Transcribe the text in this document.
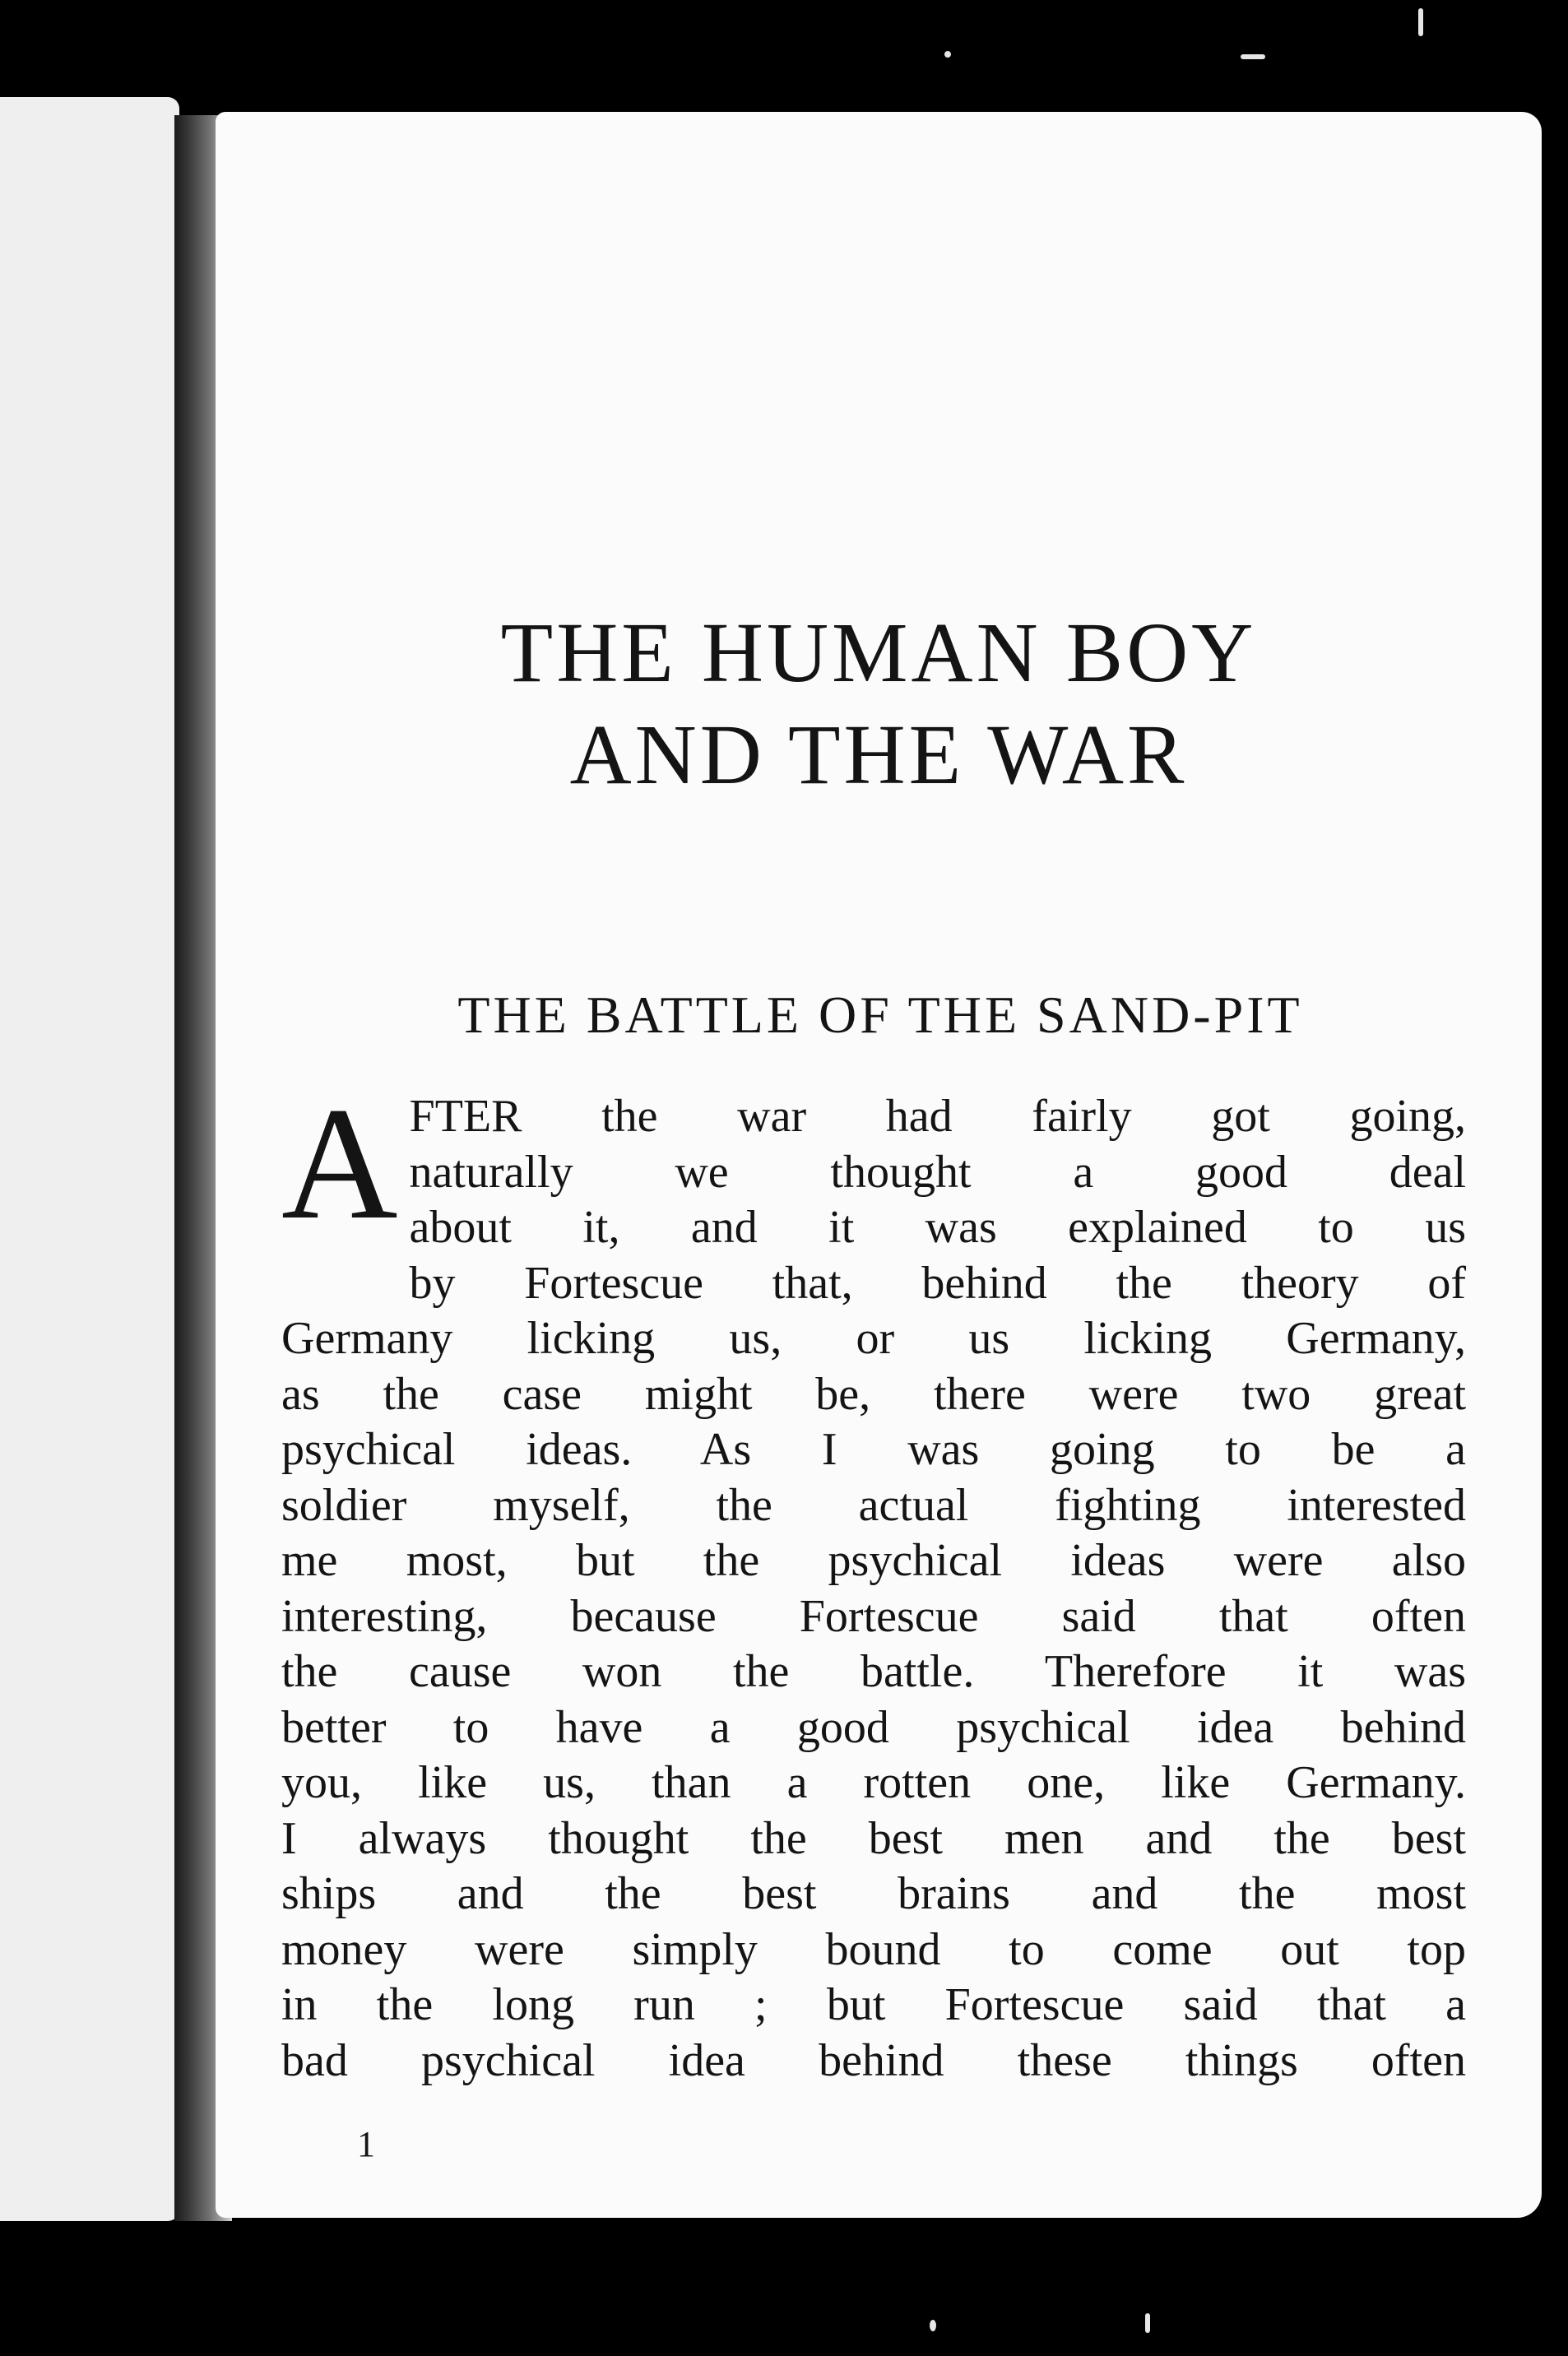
THE HUMAN BOY
AND THE WAR
THE BATTLE OF THE SAND-PIT
A FTER the war had fairly got going,
naturally we thought a good deal
about it, and it was explained to us
by Fortescue that, behind the theory of
Germany licking us, or us licking Germany,
as the case might be, there were two great
psychical ideas. As I was going to be a
soldier myself, the actual fighting interested
me most, but the psychical ideas were also
interesting, because Fortescue said that often
the cause won the battle. Therefore it was
better to have a good psychical idea behind
you, like us, than a rotten one, like Germany.
I always thought the best men and the best
ships and the best brains and the most
money were simply bound to come out top
in the long run ; but Fortescue said that a
bad psychical idea behind these things often
1
